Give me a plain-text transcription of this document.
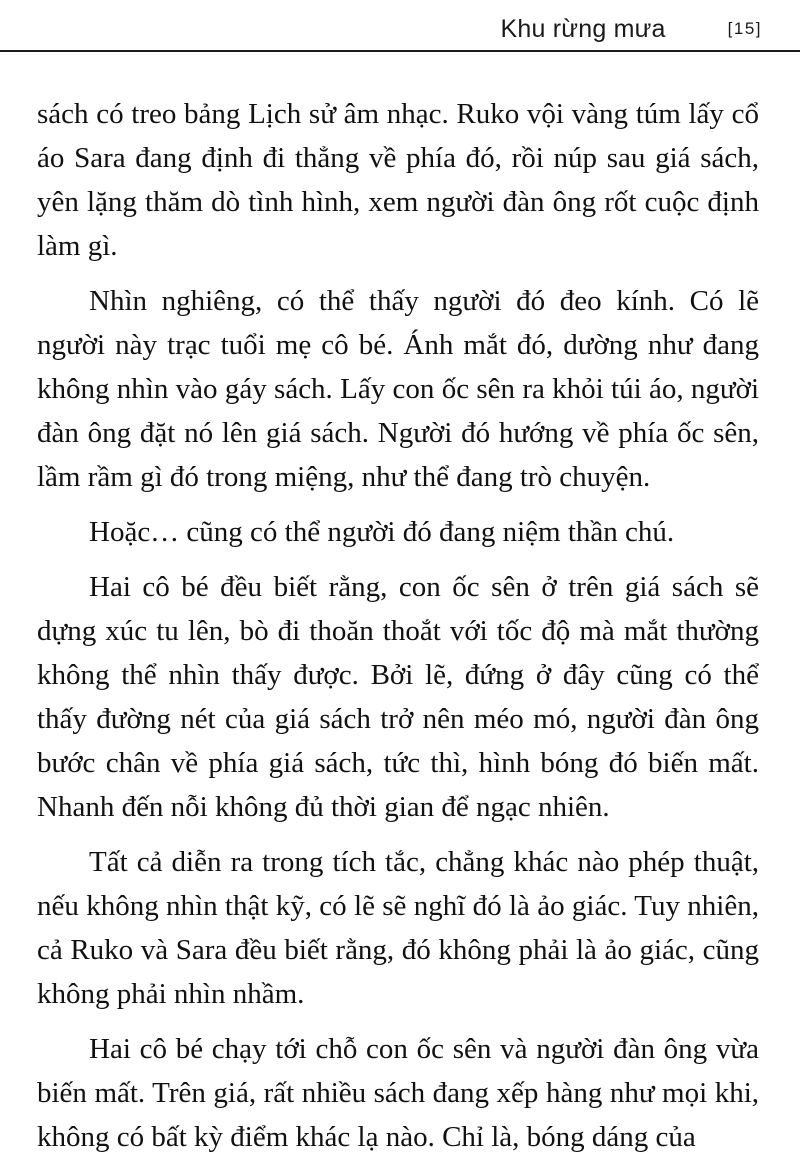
Khu rừng mưa	[15]

sách có treo bảng Lịch sử âm nhạc. Ruko vội vàng túm lấy cổ áo Sara đang định đi thẳng về phía đó, rồi núp sau giá sách, yên lặng thăm dò tình hình, xem người đàn ông rốt cuộc định làm gì.

Nhìn nghiêng, có thể thấy người đó đeo kính. Có lẽ người này trạc tuổi mẹ cô bé. Ánh mắt đó, dường như đang không nhìn vào gáy sách. Lấy con ốc sên ra khỏi túi áo, người đàn ông đặt nó lên giá sách. Người đó hướng về phía ốc sên, lầm rầm gì đó trong miệng, như thể đang trò chuyện.

Hoặc… cũng có thể người đó đang niệm thần chú.

Hai cô bé đều biết rằng, con ốc sên ở trên giá sách sẽ dựng xúc tu lên, bò đi thoăn thoắt với tốc độ mà mắt thường không thể nhìn thấy được. Bởi lẽ, đứng ở đây cũng có thể thấy đường nét của giá sách trở nên méo mó, người đàn ông bước chân về phía giá sách, tức thì, hình bóng đó biến mất. Nhanh đến nỗi không đủ thời gian để ngạc nhiên.

Tất cả diễn ra trong tích tắc, chẳng khác nào phép thuật, nếu không nhìn thật kỹ, có lẽ sẽ nghĩ đó là ảo giác. Tuy nhiên, cả Ruko và Sara đều biết rằng, đó không phải là ảo giác, cũng không phải nhìn nhầm.

Hai cô bé chạy tới chỗ con ốc sên và người đàn ông vừa biến mất. Trên giá, rất nhiều sách đang xếp hàng như mọi khi, không có bất kỳ điểm khác lạ nào. Chỉ là, bóng dáng của
